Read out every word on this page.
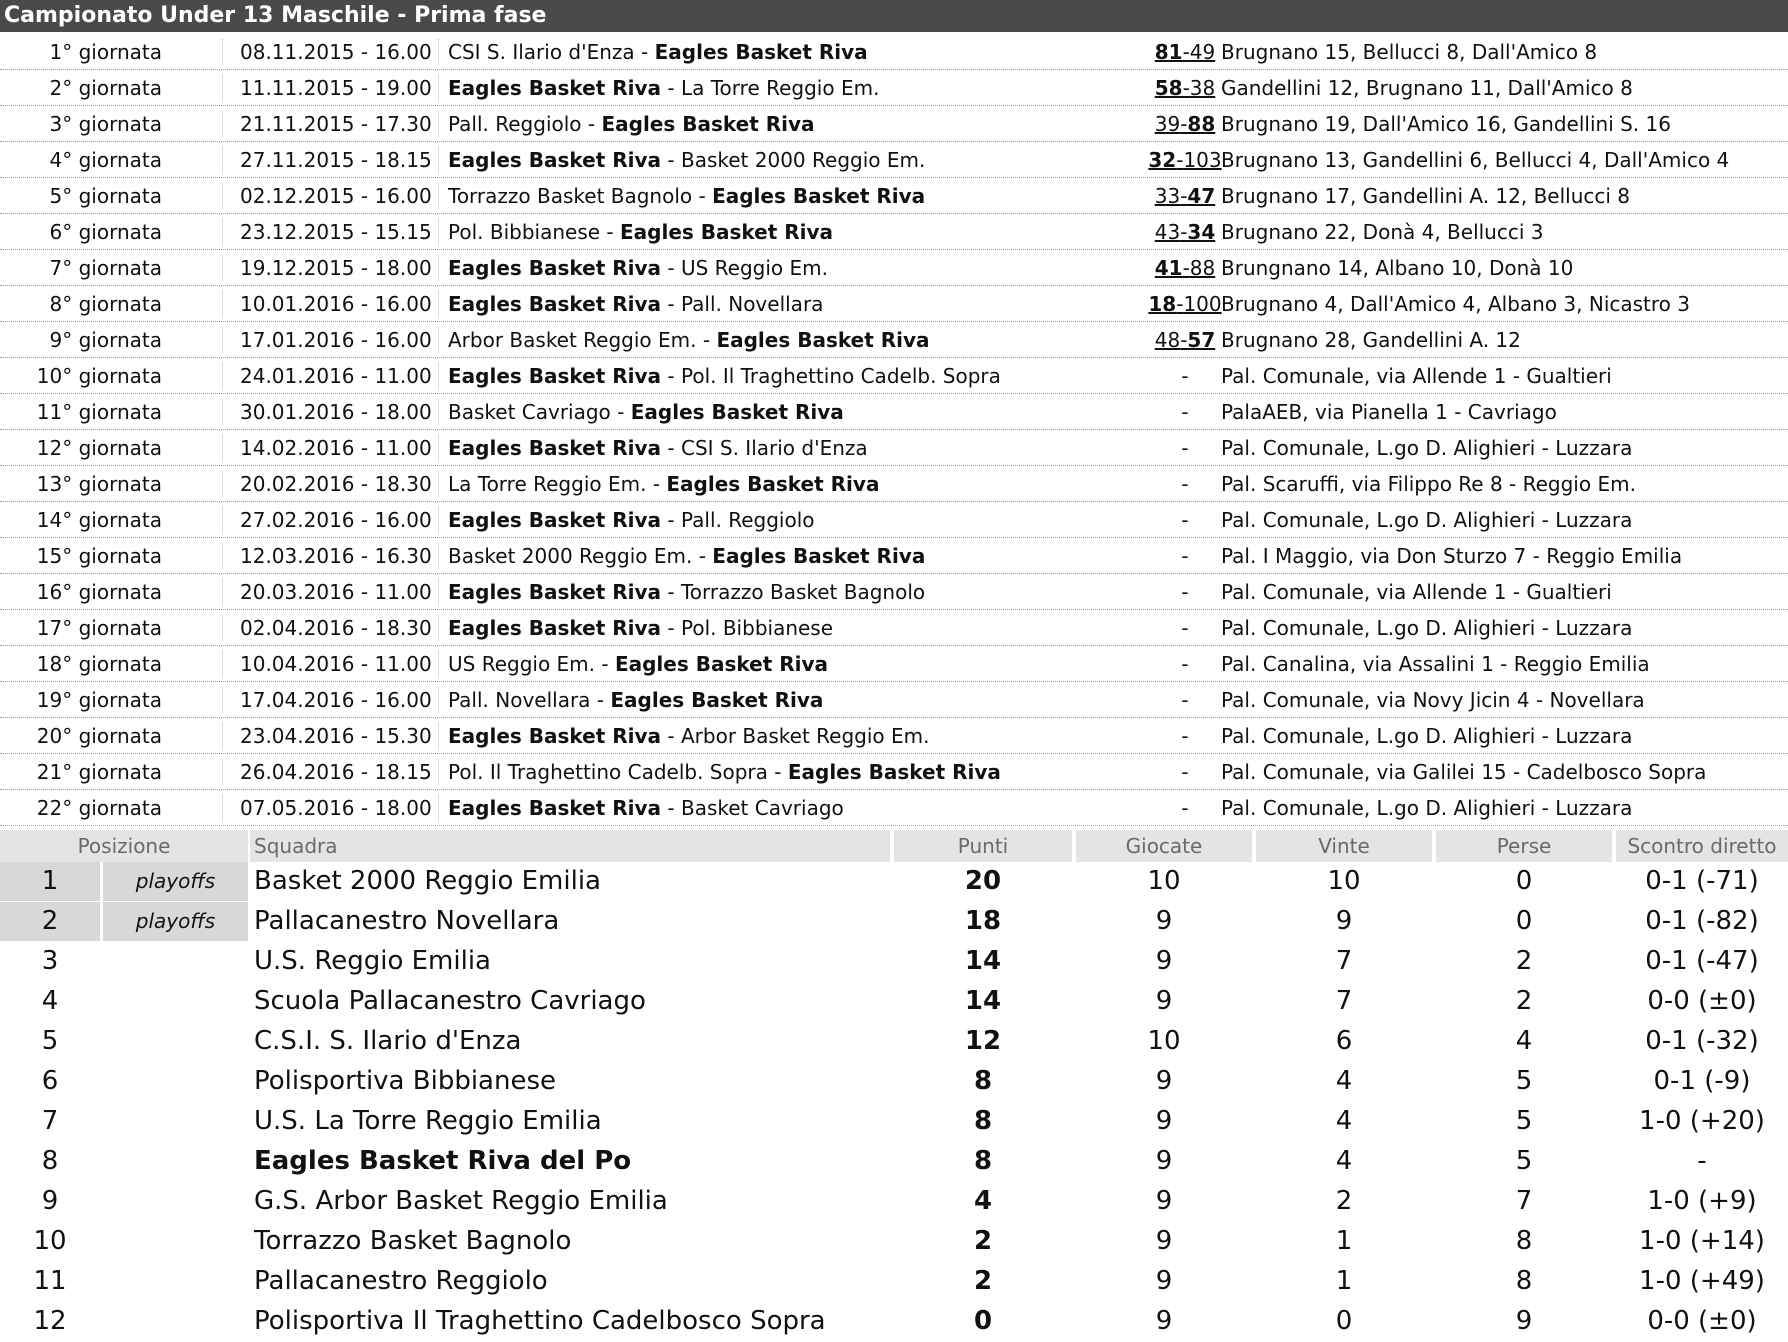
Campionato Under 13 Maschile - Prima fase
1° giornata	08.11.2015 - 16.00 CSI S. Ilario d'Enza - Eagles Basket Riva	81-49 Brugnano 15, Bellucci 8, Dall'Amico 8
2° giornata	11.11.2015 - 19.00 Eagles Basket Riva - La Torre Reggio Em.	58-38 Gandellini 12, Brugnano 11, Dall'Amico 8
3° giornata	21.11.2015 - 17.30 Pall. Reggiolo - Eagles Basket Riva	39-88 Brugnano 19, Dall'Amico 16, Gandellini S. 16
4° giornata	27.11.2015 - 18.15 Eagles Basket Riva - Basket 2000 Reggio Em.	32-103 Brugnano 13, Gandellini 6, Bellucci 4, Dall'Amico 4
5° giornata	02.12.2015 - 16.00 Torrazzo Basket Bagnolo - Eagles Basket Riva	33-47 Brugnano 17, Gandellini A. 12, Bellucci 8
6° giornata	23.12.2015 - 15.15 Pol. Bibbianese - Eagles Basket Riva	43-34 Brugnano 22, Donà 4, Bellucci 3
7° giornata	19.12.2015 - 18.00 Eagles Basket Riva - US Reggio Em.	41-88 Brungnano 14, Albano 10, Donà 10
8° giornata	10.01.2016 - 16.00 Eagles Basket Riva - Pall. Novellara	18-100 Brugnano 4, Dall'Amico 4, Albano 3, Nicastro 3
9° giornata	17.01.2016 - 16.00 Arbor Basket Reggio Em. - Eagles Basket Riva	48-57 Brugnano 28, Gandellini A. 12
10° giornata	24.01.2016 - 11.00 Eagles Basket Riva - Pol. Il Traghettino Cadelb. Sopra	-	Pal. Comunale, via Allende 1 - Gualtieri
11° giornata	30.01.2016 - 18.00 Basket Cavriago - Eagles Basket Riva	-	PalaAEB, via Pianella 1 - Cavriago
12° giornata	14.02.2016 - 11.00 Eagles Basket Riva - CSI S. Ilario d'Enza	-	Pal. Comunale, L.go D. Alighieri - Luzzara
13° giornata	20.02.2016 - 18.30 La Torre Reggio Em. - Eagles Basket Riva	-	Pal. Scaruffi, via Filippo Re 8 - Reggio Em.
14° giornata	27.02.2016 - 16.00 Eagles Basket Riva - Pall. Reggiolo	-	Pal. Comunale, L.go D. Alighieri - Luzzara
15° giornata	12.03.2016 - 16.30 Basket 2000 Reggio Em. - Eagles Basket Riva	-	Pal. I Maggio, via Don Sturzo 7 - Reggio Emilia
16° giornata	20.03.2016 - 11.00 Eagles Basket Riva - Torrazzo Basket Bagnolo	-	Pal. Comunale, via Allende 1 - Gualtieri
17° giornata	02.04.2016 - 18.30 Eagles Basket Riva - Pol. Bibbianese	-	Pal. Comunale, L.go D. Alighieri - Luzzara
18° giornata	10.04.2016 - 11.00 US Reggio Em. - Eagles Basket Riva	-	Pal. Canalina, via Assalini 1 - Reggio Emilia
19° giornata	17.04.2016 - 16.00 Pall. Novellara - Eagles Basket Riva	-	Pal. Comunale, via Novy Jicin 4 - Novellara
20° giornata	23.04.2016 - 15.30 Eagles Basket Riva - Arbor Basket Reggio Em.	-	Pal. Comunale, L.go D. Alighieri - Luzzara
21° giornata	26.04.2016 - 18.15 Pol. Il Traghettino Cadelb. Sopra - Eagles Basket Riva	-	Pal. Comunale, via Galilei 15 - Cadelbosco Sopra
22° giornata	07.05.2016 - 18.00 Eagles Basket Riva - Basket Cavriago	-	Pal. Comunale, L.go D. Alighieri - Luzzara
Posizione	Squadra	Punti	Giocate	Vinte	Perse	Scontro diretto
1	playoffs	Basket 2000 Reggio Emilia	20	10	10	0	0-1 (-71)
2	playoffs	Pallacanestro Novellara	18	9	9	0	0-1 (-82)
3	U.S. Reggio Emilia	14	9	7	2	0-1 (-47)
4	Scuola Pallacanestro Cavriago	14	9	7	2	0-0 (±0)
5	C.S.I. S. Ilario d'Enza	12	10	6	4	0-1 (-32)
6	Polisportiva Bibbianese	8	9	4	5	0-1 (-9)
7	U.S. La Torre Reggio Emilia	8	9	4	5	1-0 (+20)
8	Eagles Basket Riva del Po	8	9	4	5	-
9	G.S. Arbor Basket Reggio Emilia	4	9	2	7	1-0 (+9)
10	Torrazzo Basket Bagnolo	2	9	1	8	1-0 (+14)
11	Pallacanestro Reggiolo	2	9	1	8	1-0 (+49)
12	Polisportiva Il Traghettino Cadelbosco Sopra	0	9	0	9	0-0 (±0)
